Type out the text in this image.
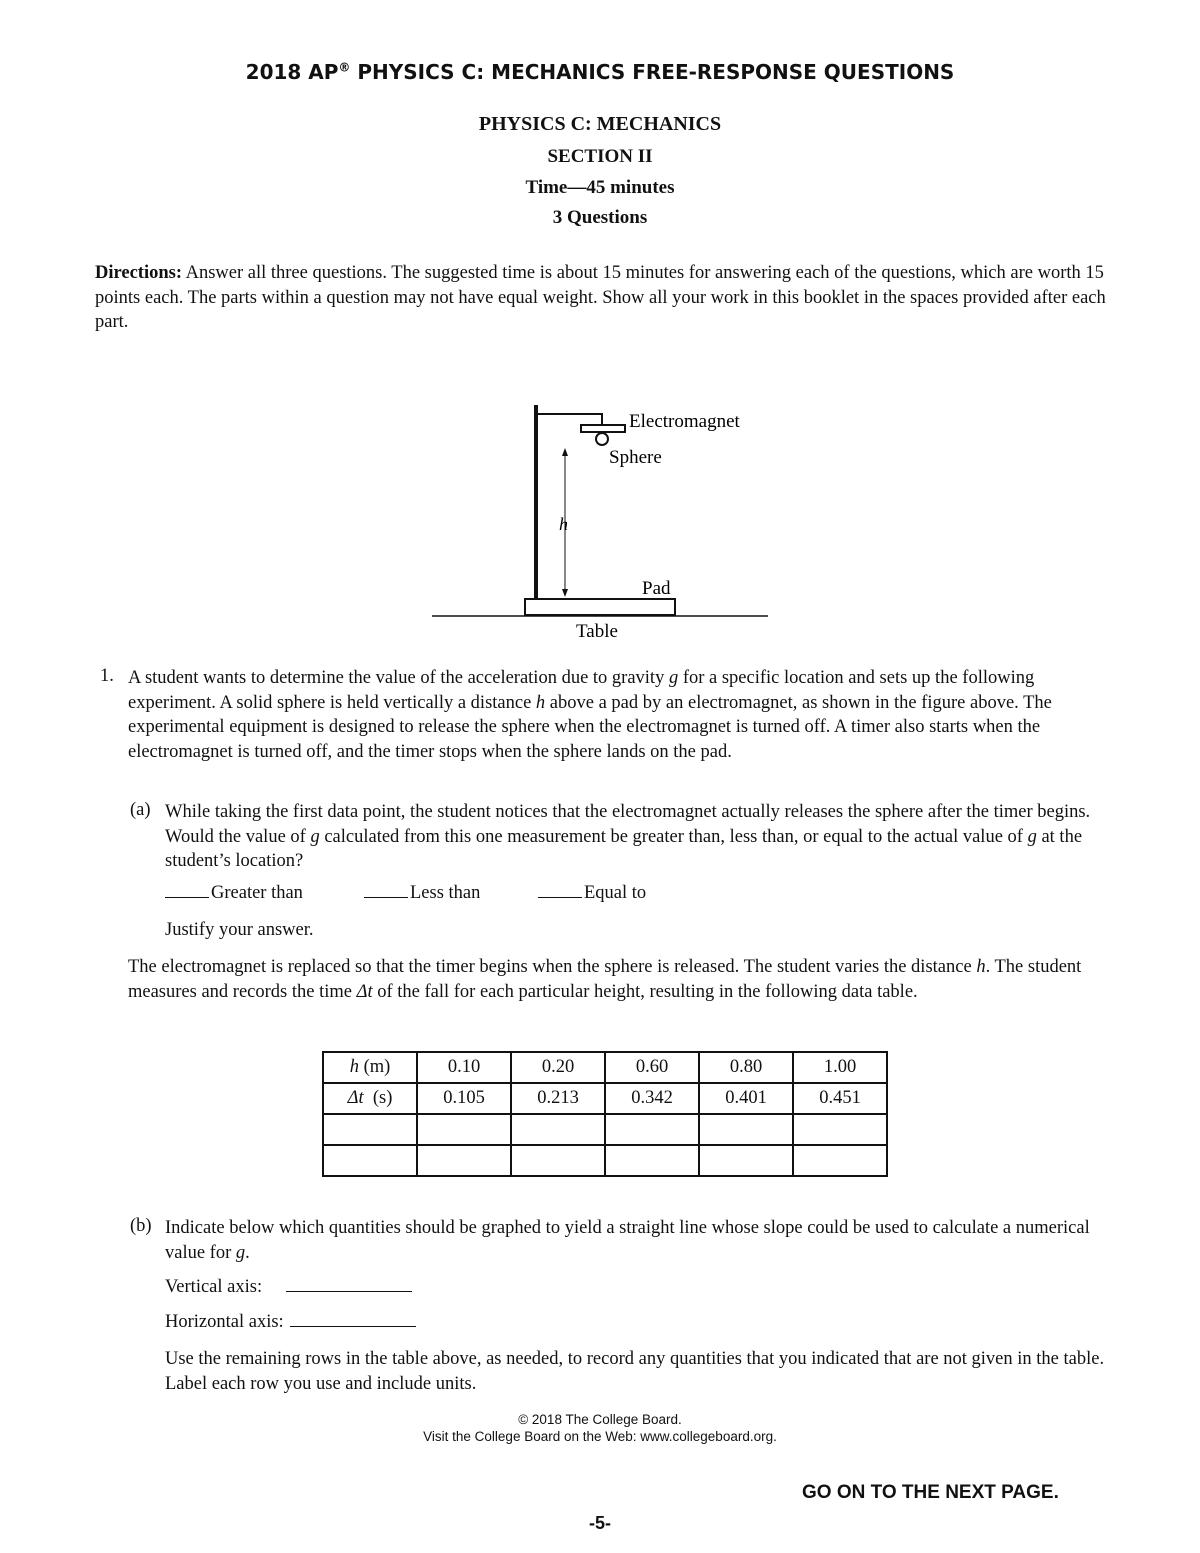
2018 AP® PHYSICS C: MECHANICS FREE-RESPONSE QUESTIONS
PHYSICS C: MECHANICS
SECTION II
Time—45 minutes
3 Questions
Directions: Answer all three questions. The suggested time is about 15 minutes for answering each of the questions, which are worth 15 points each. The parts within a question may not have equal weight. Show all your work in this booklet in the spaces provided after each part.
Electromagnet
Sphere
h
Pad
Table
1. A student wants to determine the value of the acceleration due to gravity g for a specific location and sets up the following experiment. A solid sphere is held vertically a distance h above a pad by an electromagnet, as shown in the figure above. The experimental equipment is designed to release the sphere when the electromagnet is turned off. A timer also starts when the electromagnet is turned off, and the timer stops when the sphere lands on the pad.
(a) While taking the first data point, the student notices that the electromagnet actually releases the sphere after the timer begins. Would the value of g calculated from this one measurement be greater than, less than, or equal to the actual value of g at the student’s location?
Greater than	Less than	Equal to
Justify your answer.
The electromagnet is replaced so that the timer begins when the sphere is released. The student varies the distance h. The student measures and records the time Δt of the fall for each particular height, resulting in the following data table.
h (m)	0.10	0.20	0.60	0.80	1.00
Δt  (s)	0.105	0.213	0.342	0.401	0.451

(b) Indicate below which quantities should be graphed to yield a straight line whose slope could be used to calculate a numerical value for g.
Vertical axis:
Horizontal axis:
Use the remaining rows in the table above, as needed, to record any quantities that you indicated that are not given in the table. Label each row you use and include units.
© 2018 The College Board.
Visit the College Board on the Web: www.collegeboard.org.
GO ON TO THE NEXT PAGE.
-5-
